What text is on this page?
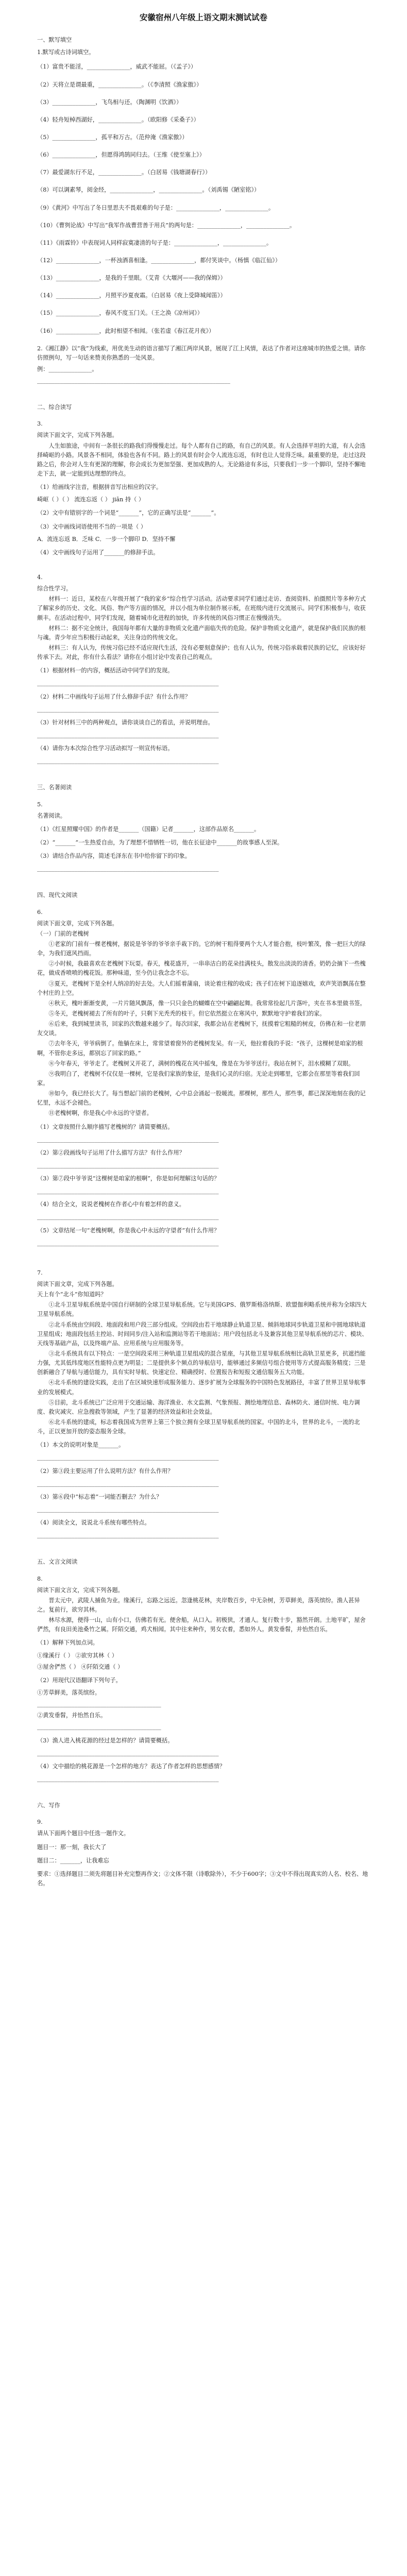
安徽宿州八年级上语文期末测试试卷
一、默写填空
1.默写或古诗词填空。
（1）富贵不能淫，_______________，威武不能屈。（《孟子》）
（2）天将立是谓最重，_______________。（《李清照《渔家傲》）
（3）_______________，飞鸟相与还。（陶渊明《饮酒》）
（4）轻舟短棹西湖好，_______________。（欧阳修《采桑子》）
（5）_______________，孤平和万古。（范仲淹《渔家傲》）
（6）_______________，但愿得鸿鹄同归去。（王维《使至塞上》）
（7）最爱湖东行不足，_______________。（白居易《钱塘湖春行》）
（8）可以调素琴，阅金经，_______________，_______________。（刘禹锡《陋室铭》）
（9）《黄河》中写出了冬日里思夫不畏艰难的句子是：_______________，_______________。
（10）《曹刿论战》中写出“我军作战曹营善于用兵”的两句是：_______________，_______________。
（11）《雨霖铃》中表现词人同样寂寞凄清的句子是：_______________，_______________。
（12）_______________，一杯浊酒喜相逢。_______________，都付笑谈中。（杨慎《临江仙》）
（13）_______________，是我的千里眼。（艾青《大堰河——我的保姆》）
（14）_______________，月照平沙夏夜霜。（白居易《夜上受降城闻笛》）
（15）_______________，春风不度玉门关。（王之涣《凉州词》）
（16）_______________，此时相望不相闻。（张若虚《春江花月夜》）
2.《湘江静》以“我”为线索，用优美生动的语言描写了湘江两岸风景，展现了江上风情，表达了作者对这座城市的热爱之情。请你仿照例句，写一句话来赞美你熟悉的一处风景。
例：_______________。
___________________________________________________________________
二、综合读写
3.
阅读下面文字，完成下列各题。
人生如旅途，中间有一条很长的路我们得慢慢走过。每个人都有自己的路，有自己的风景。有人会选择平坦的大道，有人会选择崎岖的小路。风景各不相同，体验也各有不同。路上的风景有时会令人流连忘返，有时也让人觉得乏味。最重要的是，走过这段路之后，你会对人生有更深的理解，你会成长为更加坚强、更加成熟的人。无论路途有多远，只要我们一步一个脚印，坚持不懈地走下去，就一定能到达理想的终点。
（1）给画线字注音，根据拼音写出相应的汉字。
崎岖（ ）（ ） 流连忘返（ ） jiān 持（ ）
（2）文中有错别字的一个词是“_______”，它的正确写法是“_______”。
（3）文中画线词语使用不当的一项是（ ）
A．流连忘返 B．乏味 C．一步一个脚印 D．坚持不懈
（4）文中画线句子运用了_______的修辞手法。
4.
综合性学习。
材料一：近日，某校在八年级开展了“我的家乡”综合性学习活动。活动要求同学们通过走访、查阅资料、拍摄照片等多种方式了解家乡的历史、文化、风俗、物产等方面的情况，并以小组为单位制作展示板，在班级内进行交流展示。同学们积极参与，收获颇丰。在活动过程中，同学们发现，随着城市化进程的加快，许多传统的风俗习惯正在慢慢消失。
材料二：据不完全统计，我国每年都有大量的非物质文化遗产面临失传的危险。保护非物质文化遗产，就是保护我们民族的根与魂。青少年应当积极行动起来，关注身边的传统文化。
材料三：有人认为，传统习俗已经不适应现代生活，没有必要刻意保护；也有人认为，传统习俗承载着民族的记忆，应该好好传承下去。对此，你有什么看法？请你在小组讨论中发表自己的观点。
（1）根据材料一的内容，概括活动中同学们的发现。
_______________________________________________________________
（2）材料二中画线句子运用了什么修辞手法？有什么作用？
_______________________________________________________________
（3）针对材料三中的两种观点，请你谈谈自己的看法，并说明理由。
_______________________________________________________________
（4）请你为本次综合性学习活动拟写一则宣传标语。
_______________________________________________________________
三、名著阅读
5.
名著阅读。
（1）《红星照耀中国》的作者是_______（国籍）记者_______，这部作品原名_______。
（2）“_______”一生热爱自由，为了理想不惜牺牲一切，他在长征途中_______的故事感人至深。
（3）请结合作品内容，简述毛泽东在书中给你留下的印象。
_______________________________________________________________
四、现代文阅读
6.
阅读下面文章，完成下列各题。
（一）门前的老槐树
①老家的门前有一棵老槐树，据说是爷爷的爷爷亲手栽下的。它的树干粗得要两个大人才能合抱，枝叶繁茂，像一把巨大的绿伞，为我们遮风挡雨。
②小时候，我最喜欢在老槐树下玩耍。春天，槐花盛开，一串串洁白的花朵挂满枝头，散发出淡淡的清香。奶奶会摘下一些槐花，做成香喷喷的槐花饭。那种味道，至今仍让我念念不忘。
③夏天，老槐树下是全村人纳凉的好去处。大人们摇着蒲扇，谈论着庄稼的收成；孩子们在树下追逐嬉戏，欢声笑语飘荡在整个村庄的上空。
④秋天，槐叶渐渐变黄，一片片随风飘落，像一只只金色的蝴蝶在空中翩翩起舞。我常常捡起几片落叶，夹在书本里做书签。
⑤冬天，老槐树褪去了所有的叶子，只剩下光秃秃的枝干。但它依然挺立在寒风中，默默地守护着我们的家。
⑥后来，我到城里读书，回家的次数越来越少了。每次回家，我都会站在老槐树下，抚摸着它粗糙的树皮，仿佛在和一位老朋友交谈。
⑦去年冬天，爷爷病倒了。他躺在床上，常常望着窗外的老槐树发呆。有一天，他拉着我的手说：“孩子，这棵树是咱家的根啊，不管你走多远，都别忘了回家的路。”
⑧今年春天，爷爷走了。老槐树又开花了，满树的槐花在风中摇曳，像是在为爷爷送行。我站在树下，泪水模糊了双眼。
⑨我明白了，老槐树不仅仅是一棵树，它是我们家族的象征，是我们心灵的归宿。无论走到哪里，它都会在那里等着我们回家。
⑩如今，我已经长大了。每当想起门前的老槐树，心中总会涌起一股暖流。那棵树，那些人，那些事，都已深深地刻在我的记忆里，永远不会褪色。
⑪老槐树啊，你是我心中永远的守望者。
（1）文章按照什么顺序描写老槐树的？请简要概括。
_______________________________________________________________
（2）第②段画线句子运用了什么描写方法？有什么作用？
_______________________________________________________________
（3）第⑦段中爷爷说“这棵树是咱家的根啊”，你是如何理解这句话的？
_______________________________________________________________
（4）结合全文，说说老槐树在作者心中有着怎样的意义。
_______________________________________________________________
（5）文章结尾一句“老槐树啊，你是我心中永远的守望者”有什么作用？
_______________________________________________________________
7.
阅读下面文章，完成下列各题。
天上有个“北斗”你知道吗？
①北斗卫星导航系统是中国自行研制的全球卫星导航系统。它与美国GPS、俄罗斯格洛纳斯、欧盟伽利略系统并称为全球四大卫星导航系统。
②北斗系统由空间段、地面段和用户段三部分组成。空间段由若干地球静止轨道卫星、倾斜地球同步轨道卫星和中圆地球轨道卫星组成；地面段包括主控站、时间同步/注入站和监测站等若干地面站；用户段包括北斗及兼容其他卫星导航系统的芯片、模块、天线等基础产品，以及终端产品、应用系统与应用服务等。
③北斗系统具有以下特点：一是空间段采用三种轨道卫星组成的混合星座，与其他卫星导航系统相比高轨卫星更多，抗遮挡能力强，尤其低纬度地区性能特点更为明显；二是提供多个频点的导航信号，能够通过多频信号组合使用等方式提高服务精度；三是创新融合了导航与通信能力，具有实时导航、快速定位、精确授时、位置报告和短报文通信服务五大功能。
④北斗系统的建设实践，走出了在区域快速形成服务能力、逐步扩展为全球服务的中国特色发展路径，丰富了世界卫星导航事业的发展模式。
⑤目前，北斗系统已广泛应用于交通运输、海洋渔业、水文监测、气象预报、测绘地理信息、森林防火、通信时统、电力调度、救灾减灾、应急搜救等领域，产生了显著的经济效益和社会效益。
⑥北斗系统的建成，标志着我国成为世界上第三个独立拥有全球卫星导航系统的国家。中国的北斗，世界的北斗，一流的北斗，正以更加开放的姿态服务全球。
（1）本文的说明对象是_______。
_______________________________________________________________
（2）第③段主要运用了什么说明方法？有什么作用？
_______________________________________________________________
（3）第⑥段中“标志着”一词能否删去？为什么？
_______________________________________________________________
（4）阅读全文，说说北斗系统有哪些特点。
_______________________________________________________________
五、文言文阅读
8.
阅读下面文言文，完成下列各题。
晋太元中，武陵人捕鱼为业。缘溪行，忘路之远近。忽逢桃花林，夹岸数百步，中无杂树，芳草鲜美，落英缤纷。渔人甚异之。复前行，欲穷其林。
林尽水源，便得一山，山有小口，仿佛若有光。便舍船，从口入。初极狭，才通人。复行数十步，豁然开朗。土地平旷，屋舍俨然，有良田美池桑竹之属。阡陌交通，鸡犬相闻。其中往来种作，男女衣着，悉如外人。黄发垂髫，并怡然自乐。
（1）解释下列加点词。
①缘溪行（ ） ②欲穷其林（ ）
③屋舍俨然（ ） ④阡陌交通（ ）
（2）用现代汉语翻译下列句子。
①芳草鲜美，落英缤纷。
___________________________________________
②黄发垂髫，并怡然自乐。
___________________________________________
（3）渔人进入桃花源的经过是怎样的？请简要概括。
_______________________________________________________________
（4）文中描绘的桃花源是一个怎样的地方？表达了作者怎样的思想感情？
_______________________________________________________________
六、写作
9.
请从下面两个题目中任选一题作文。
题目一：那一刻，我长大了
题目二：_______，让我难忘
要求：①选择题目二须先将题目补充完整再作文；②文体不限（诗歌除外），不少于600字；③文中不得出现真实的人名、校名、地名。
